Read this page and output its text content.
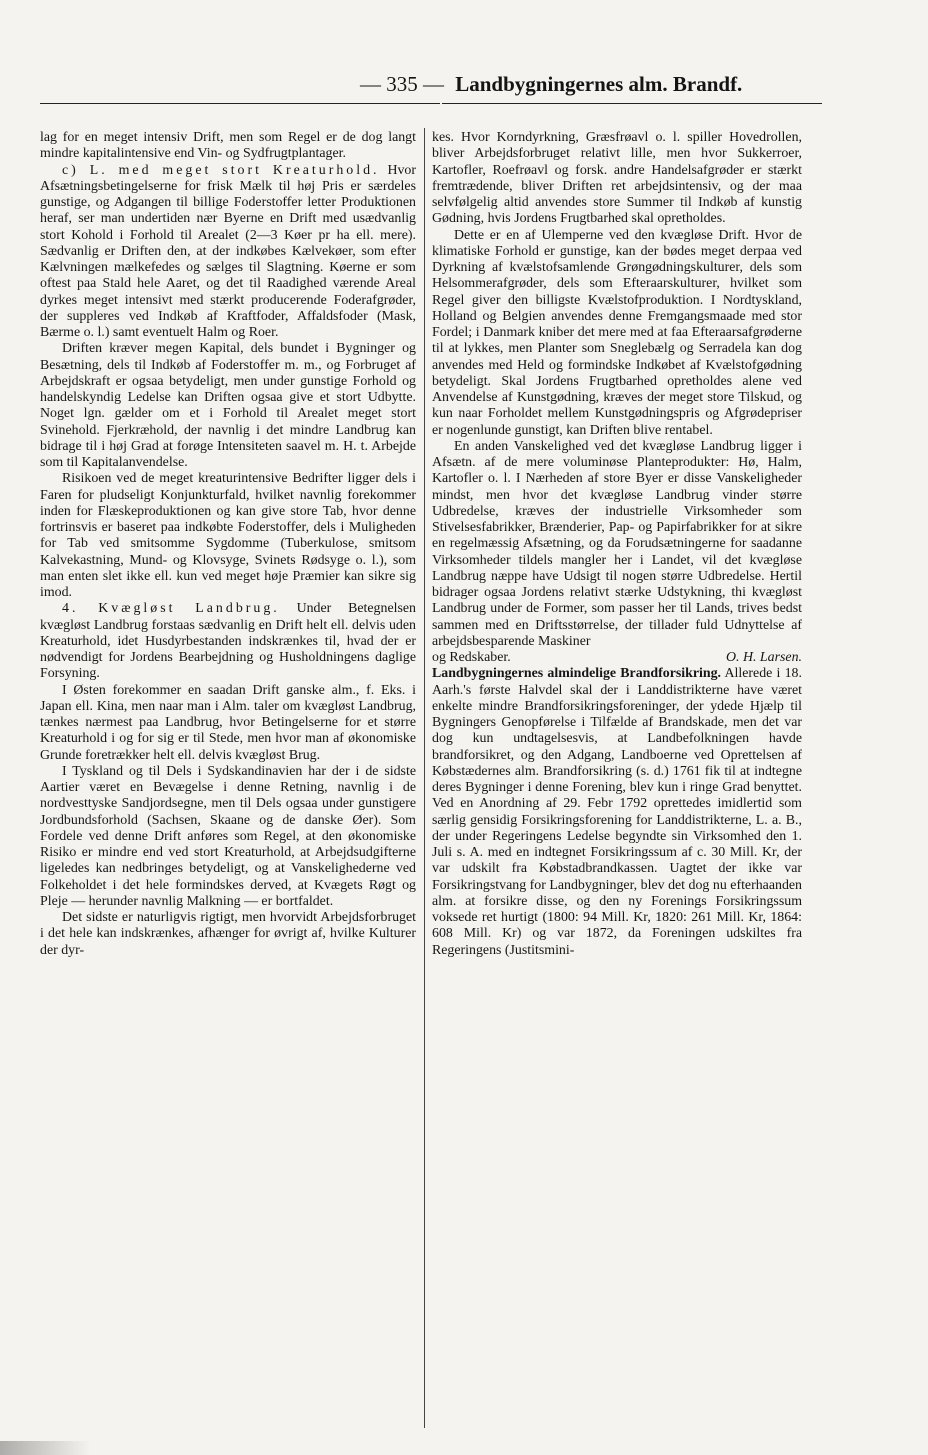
— 335 — Landbygningernes alm. Brandf.

lag for en meget intensiv Drift, men som Regel er de dog langt mindre kapitalintensive end Vin- og Sydfrugtplantager.

c) L. med meget stort Kreaturhold. Hvor Afsætningsbetingelserne for frisk Mælk til høj Pris er særdeles gunstige, og Adgangen til billige Foderstoffer letter Produktionen heraf, ser man undertiden nær Byerne en Drift med usædvanlig stort Kohold i Forhold til Arealet (2—3 Køer pr ha ell. mere). Sædvanlig er Driften den, at der indkøbes Kælvekøer, som efter Kælvningen mælkefedes og sælges til Slagtning. Køerne er som oftest paa Stald hele Aaret, og det til Raadighed værende Areal dyrkes meget intensivt med stærkt producerende Foderafgrøder, der suppleres ved Indkøb af Kraftfoder, Affaldsfoder (Mask, Bærme o. l.) samt eventuelt Halm og Roer.

Driften kræver megen Kapital, dels bundet i Bygninger og Besætning, dels til Indkøb af Foderstoffer m. m., og Forbruget af Arbejdskraft er ogsaa betydeligt, men under gunstige Forhold og handelskyndig Ledelse kan Driften ogsaa give et stort Udbytte. Noget lgn. gælder om et i Forhold til Arealet meget stort Svinehold. Fjerkræhold, der navnlig i det mindre Landbrug kan bidrage til i høj Grad at forøge Intensiteten saavel m. H. t. Arbejde som til Kapitalanvendelse.

Risikoen ved de meget kreaturintensive Bedrifter ligger dels i Faren for pludseligt Konjunkturfald, hvilket navnlig forekommer inden for Flæskeproduktionen og kan give store Tab, hvor denne fortrinsvis er baseret paa indkøbte Foderstoffer, dels i Muligheden for Tab ved smitsomme Sygdomme (Tuberkulose, smitsom Kalvekastning, Mund- og Klovsyge, Svinets Rødsyge o. l.), som man enten slet ikke ell. kun ved meget høje Præmier kan sikre sig imod.

4. Kvægløst Landbrug. Under Betegnelsen kvægløst Landbrug forstaas sædvanlig en Drift helt ell. delvis uden Kreaturhold, idet Husdyrbestanden indskrænkes til, hvad der er nødvendigt for Jordens Bearbejdning og Husholdningens daglige Forsyning.

I Østen forekommer en saadan Drift ganske alm., f. Eks. i Japan ell. Kina, men naar man i Alm. taler om kvægløst Landbrug, tænkes nærmest paa Landbrug, hvor Betingelserne for et større Kreaturhold i og for sig er til Stede, men hvor man af økonomiske Grunde foretrækker helt ell. delvis kvægløst Brug.

I Tyskland og til Dels i Sydskandinavien har der i de sidste Aartier været en Bevægelse i denne Retning, navnlig i de nordvesttyske Sandjordsegne, men til Dels ogsaa under gunstigere Jordbundsforhold (Sachsen, Skaane og de danske Øer). Som Fordele ved denne Drift anføres som Regel, at den økonomiske Risiko er mindre end ved stort Kreaturhold, at Arbejdsudgifterne ligeledes kan nedbringes betydeligt, og at Vanskelighederne ved Folkeholdet i det hele formindskes derved, at Kvægets Røgt og Pleje — herunder navnlig Malkning — er bortfaldet.

Det sidste er naturligvis rigtigt, men hvorvidt Arbejdsforbruget i det hele kan indskrænkes, afhænger for øvrigt af, hvilke Kulturer der dyr-

kes. Hvor Korndyrkning, Græsfrøavl o. l. spiller Hovedrollen, bliver Arbejdsforbruget relativt lille, men hvor Sukkerroer, Kartofler, Roefrøavl og forsk. andre Handelsafgrøder er stærkt fremtrædende, bliver Driften ret arbejdsintensiv, og der maa selvfølgelig altid anvendes store Summer til Indkøb af kunstig Gødning, hvis Jordens Frugtbarhed skal opretholdes.

Dette er en af Ulemperne ved den kvægløse Drift. Hvor de klimatiske Forhold er gunstige, kan der bødes meget derpaa ved Dyrkning af kvælstofsamlende Grøngødningskulturer, dels som Helsommerafgrøder, dels som Efteraarskulturer, hvilket som Regel giver den billigste Kvælstofproduktion. I Nordtyskland, Holland og Belgien anvendes denne Fremgangsmaade med stor Fordel; i Danmark kniber det mere med at faa Efteraarsafgrøderne til at lykkes, men Planter som Sneglebælg og Serradela kan dog anvendes med Held og formindske Indkøbet af Kvælstofgødning betydeligt. Skal Jordens Frugtbarhed opretholdes alene ved Anvendelse af Kunstgødning, kræves der meget store Tilskud, og kun naar Forholdet mellem Kunstgødningspris og Afgrødepriser er nogenlunde gunstigt, kan Driften blive rentabel.

En anden Vanskelighed ved det kvægløse Landbrug ligger i Afsætn. af de mere voluminøse Planteprodukter: Hø, Halm, Kartofler o. l. I Nærheden af store Byer er disse Vanskeligheder mindst, men hvor det kvægløse Landbrug vinder større Udbredelse, kræves der industrielle Virksomheder som Stivelsesfabrikker, Brænderier, Pap- og Papirfabrikker for at sikre en regelmæssig Afsætning, og da Forudsætningerne for saadanne Virksomheder tildels mangler her i Landet, vil det kvægløse Landbrug næppe have Udsigt til nogen større Udbredelse. Hertil bidrager ogsaa Jordens relativt stærke Udstykning, thi kvægløst Landbrug under de Former, som passer her til Lands, trives bedst sammen med en Driftsstørrelse, der tillader fuld Udnyttelse af arbejdsbesparende Maskiner

og Redskaber.	O. H. Larsen.

Landbygningernes almindelige Brandforsikring. Allerede i 18. Aarh.'s første Halvdel skal der i Landdistrikterne have været enkelte mindre Brandforsikringsforeninger, der ydede Hjælp til Bygningers Genopførelse i Tilfælde af Brandskade, men det var dog kun undtagelsesvis, at Landbefolkningen havde brandforsikret, og den Adgang, Landboerne ved Oprettelsen af Købstædernes alm. Brandforsikring (s. d.) 1761 fik til at indtegne deres Bygninger i denne Forening, blev kun i ringe Grad benyttet. Ved en Anordning af 29. Febr 1792 oprettedes imidlertid som særlig gensidig Forsikringsforening for Landdistrikterne, L. a. B., der under Regeringens Ledelse begyndte sin Virksomhed den 1. Juli s. A. med en indtegnet Forsikringssum af c. 30 Mill. Kr, der var udskilt fra Købstadbrandkassen. Uagtet der ikke var Forsikringstvang for Landbygninger, blev det dog nu efterhaanden alm. at forsikre disse, og den ny Forenings Forsikringssum voksede ret hurtigt (1800: 94 Mill. Kr, 1820: 261 Mill. Kr, 1864: 608 Mill. Kr) og var 1872, da Foreningen udskiltes fra Regeringens (Justitsmini-
